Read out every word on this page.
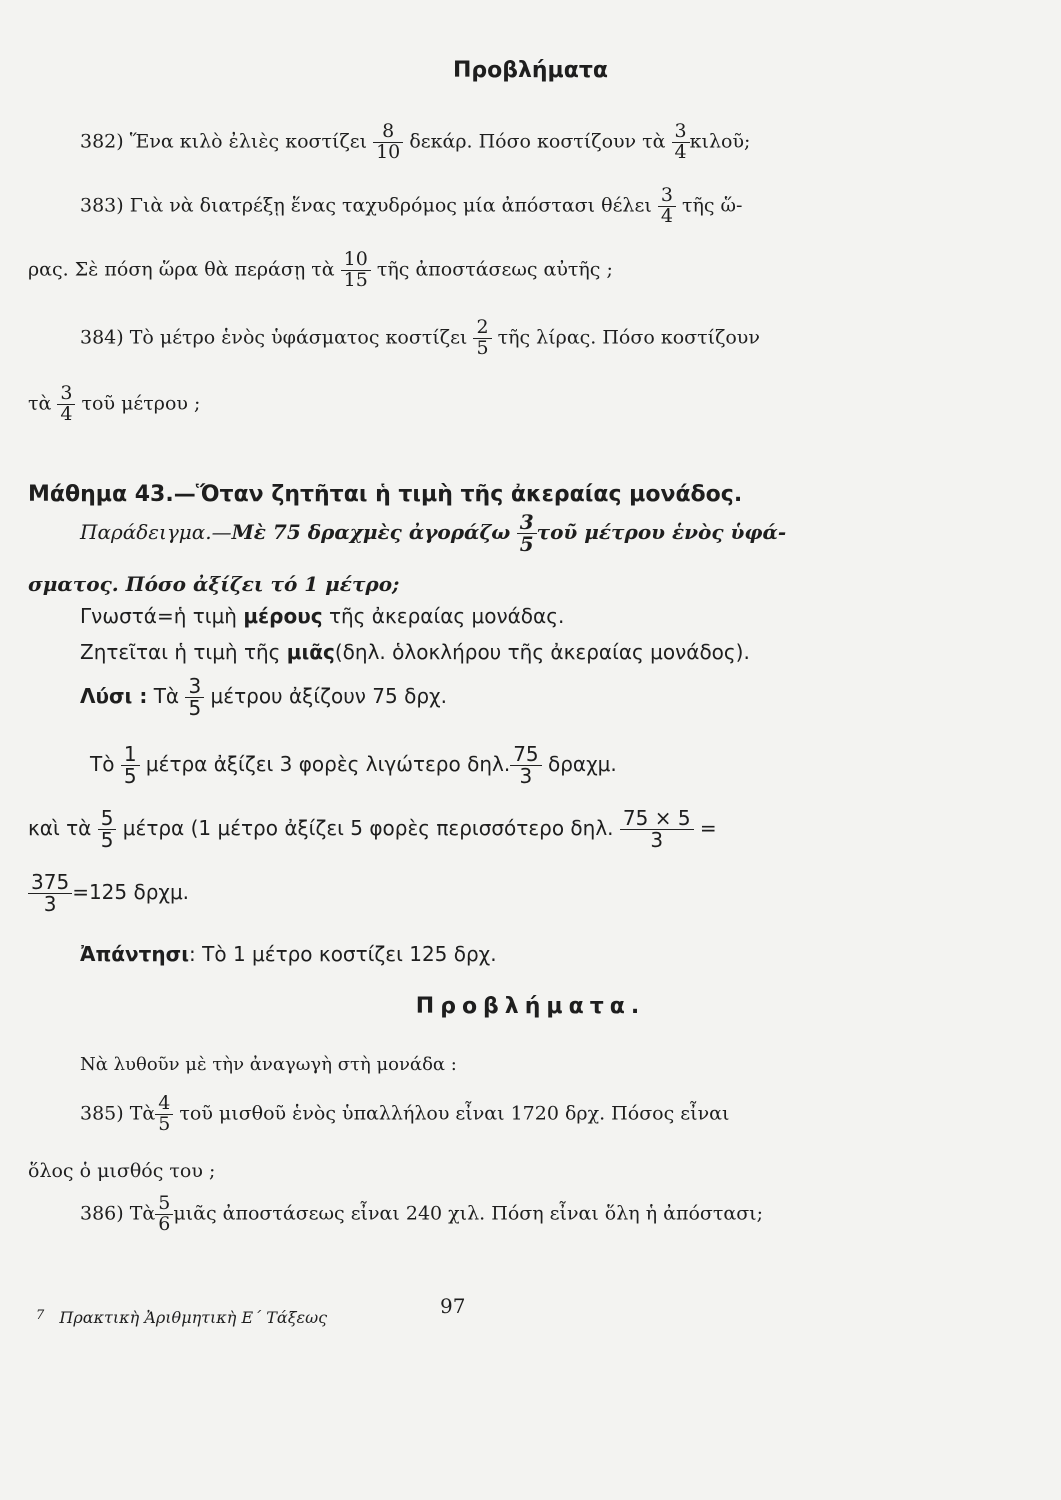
Προβλήματα
382) Ἕνα κιλὸ ἐλιὲς κοστίζει $\frac{8}{10} \delta\varepsilon\kappa ά\rho$. Πόσο κοστίζουν τὰ $\frac{3}{4}$ κιλοῦ;
383) Γιὰ νὰ διατρέξῃ ἕνας ταχυδρόμος μία ἀπόστασι θέλει $\frac{3}{4}$ τῆς ὥ-
ρας. Σὲ πόση ὥρα θὰ περάσῃ τὰ $\frac{10}{15}$ τῆς ἀποστάσεως αὐτῆς ;
384) Τὸ μέτρο ἑνὸς ὑφάσματος κοστίζει $\frac{2}{5}$ τῆς λίρας. Πόσο κοστίζουν
τὰ $\frac{3}{4}$ τοῦ μέτρου ;
Μάθημα 43.—Ὅταν ζητῆται ἡ τιμὴ τῆς ἀκεραίας μονάδος.
Παράδειγμα.—Μὲ 75 δραχμὲς ἀγοράζω $\frac{3}{5}$ τοῦ μέτρου ἑνὸς ὑφά-
σματος. Πόσο ἀξίζει τό 1 μέτρο;
Γνωστά=ἡ τιμὴ μέρους τῆς ἀκεραίας μονάδας.
Ζητεῖται ἡ τιμὴ τῆς μιᾶς(δηλ. ὁλοκλήρου τῆς ἀκεραίας μονάδος).
Λύσι : Τὰ $\frac{3}{5}$ μέτρου ἀξίζουν 75 δρχ.
Τὸ $\frac{1}{5}$ μέτρα ἀξίζει 3 φορὲς λιγώτερο δηλ. $\frac{75}{3} \delta\rho\alpha\chi\mu$.
καὶ τὰ $\frac{5}{5}$ μέτρα (1 μέτρο ἀξίζει 5 φορὲς περισσότερο δηλ. $\frac{75 \times 5}{3}$ =
$\frac{375}{3} =125$ δρχμ.
Ἀπάντησι: Τὸ 1 μέτρο κοστίζει 125 δρχ.
Προβλήματα.
Νὰ λυθοῦν μὲ τὴν ἀναγωγὴ στὴ μονάδα :
385) Τὰ $\frac{4}{5}$ τοῦ μισθοῦ ἑνὸς ὑπαλλήλου εἶναι 1720 δρχ. Πόσος εἶναι
ὅλος ὁ μισθός του ;
386) Τὰ $\frac{5}{6}$ μιᾶς ἀποστάσεως εἶναι 240 χιλ. Πόση εἶναι ὅλη ἡ ἀπόστασι;
97
$^7$ Πρακτικὴ Ἀριθμητικὴ Ε΄ Τάξεως
